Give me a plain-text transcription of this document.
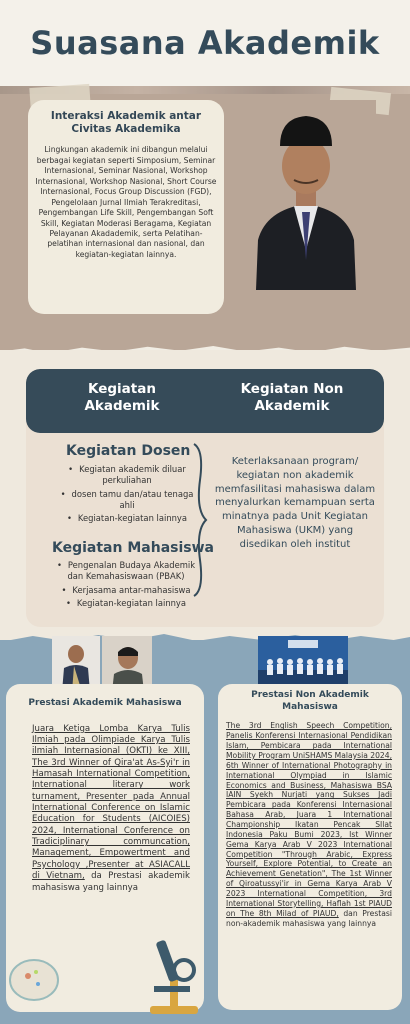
Suasana Akademik
Interaksi Akademik antar Civitas Akademika

Lingkungan akademik ini dibangun melalui berbagai kegiatan seperti Simposium, Seminar Internasional, Seminar Nasional, Workshop Internasional, Workshop Nasional, Short Course Internasional, Focus Group Discussion (FGD), Pengelolaan Jurnal Ilmiah Terakreditasi, Pengembangan Life Skill, Pengembangan Soft Skill, Kegiatan Moderasi Beragama, Kegiatan Pelayanan Akadademik, serta Pelatihan-pelatihan internasional dan nasional, dan kegiatan-kegiatan lainnya.

Kegiatan Akademik
Kegiatan Non Akademik
Kegiatan Dosen
• Kegiatan akademik diluar perkuliahan
• dosen tamu dan/atau tenaga ahli
• Kegiatan-kegiatan lainnya
Kegiatan Mahasiswa
• Pengenalan Budaya Akademik dan Kemahasiswaan (PBAK)
• Kerjasama antar-mahasiswa
• Kegiatan-kegiatan lainnya
Keterlaksanaan program/ kegiatan non akademik memfasilitasi mahasiswa dalam menyalurkan kemampuan serta minatnya pada Unit Kegiatan Mahasiswa (UKM) yang disedikan oleh institut
Prestasi Akademik Mahasiswa
Juara Ketiga Lomba Karya Tulis Ilmiah pada Olimpiade Karya Tulis ilmiah Internasional (OKTI) ke XIII, The 3rd Winner of Qira'at As-Syi'r in Hamasah International Competition, International literary work turnament, Presenter pada Annual International Conference on Islamic Education for Students (AICOIES) 2024, International Conference on Tradiciplinary communcation, Management, Empowertment and Psychology ,Presenter at ASIACALL di Vietnam, da Prestasi akademik mahasiswa yang lainnya
Prestasi Non Akademik Mahasiswa
The 3rd English Speech Competition, Panelis Konferensi Internasional Pendidikan Islam, Pembicara pada International Mobility Program UniSHAMS Malaysia 2024, 6th Winner of International Photography in International Olympiad in Islamic Economics and Business, Mahasiswa BSA IAIN Syekh Nurjati yang Sukses Jadi Pembicara pada Konferensi Internasional Bahasa Arab, Juara 1 International Championship Ikatan Pencak SIlat Indonesia Paku Bumi 2023, Ist Winner Gema Karya Arab V 2023 International Competition "Through Arabic, Express Yourself, Explore Potential, to Create an Achievement Genetation", The 1st Winner of Qiroatussyi'ir in Gema Karya Arab V 2023 International Competition, 3rd International Storytelling, Haflah 1st PIAUD on The 8th Milad of PIAUD, dan Prestasi non-akademik mahasiswa yang lainnya
